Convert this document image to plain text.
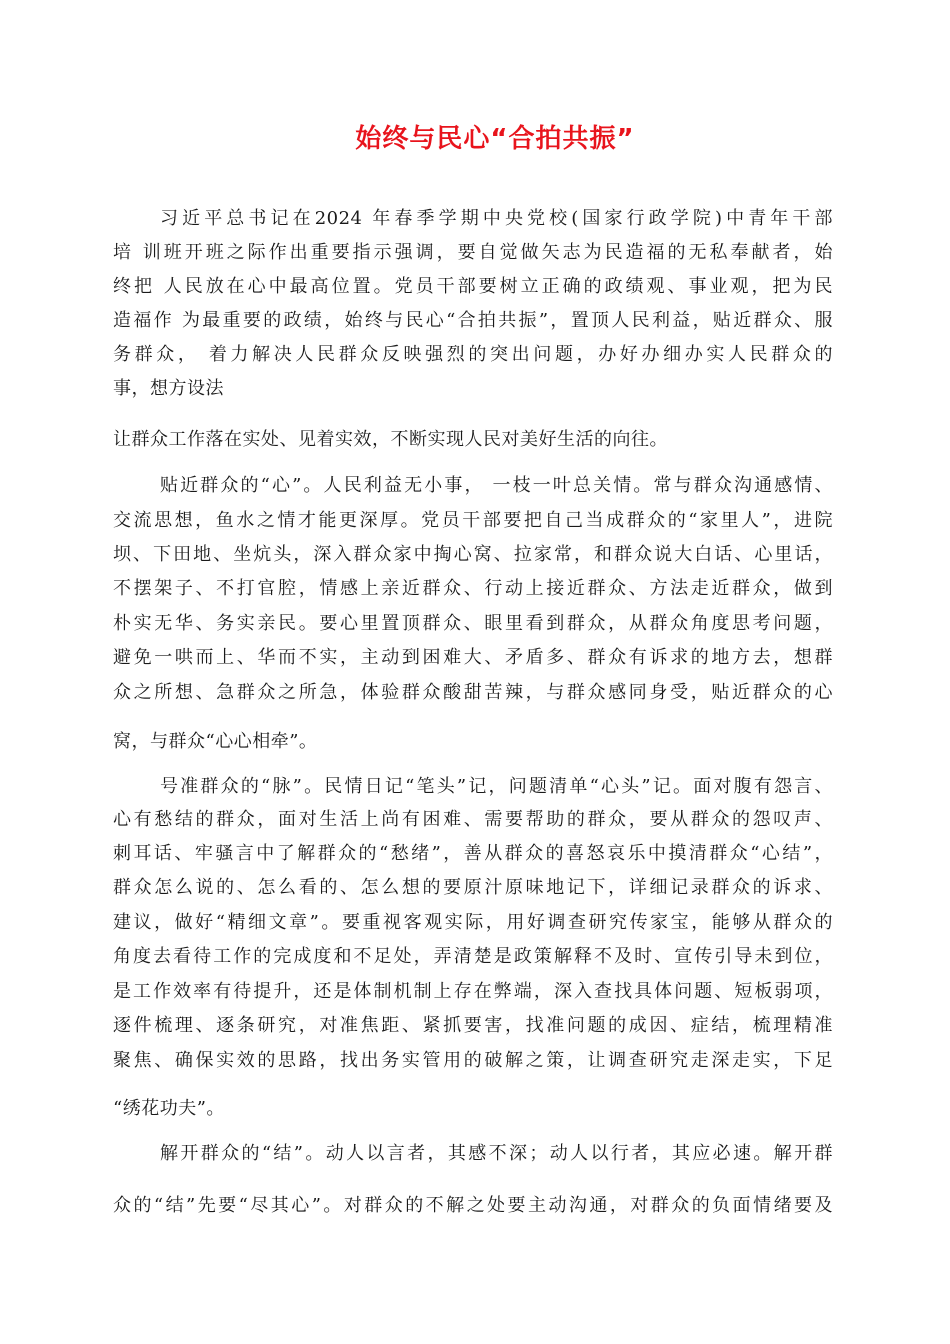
始终与民心“合拍共振”
习近平总书记在2024 年春季学期中央党校(国家行政学院)中青年干部
培 训班开班之际作出重要指示强调，要自觉做矢志为民造福的无私奉献者，始
终把 人民放在心中最高位置。党员干部要树立正确的政绩观、事业观，把为民
造福作 为最重要的政绩，始终与民心“合拍共振”，置顶人民利益，贴近群众、服
务群众， 着力解决人民群众反映强烈的突出问题，办好办细办实人民群众的
事，想方设法
让群众工作落在实处、见着实效，不断实现人民对美好生活的向往。
贴近群众的“心”。人民利益无小事， 一枝一叶总关情。常与群众沟通感情、
交流思想，鱼水之情才能更深厚。党员干部要把自己当成群众的“家里人”，进院
坝、下田地、坐炕头，深入群众家中掏心窝、拉家常，和群众说大白话、心里话，
不摆架子、不打官腔，情感上亲近群众、行动上接近群众、方法走近群众，做到
朴实无华、务实亲民。要心里置顶群众、眼里看到群众，从群众角度思考问题，
避免一哄而上、华而不实，主动到困难大、矛盾多、群众有诉求的地方去，想群
众之所想、急群众之所急，体验群众酸甜苦辣，与群众感同身受，贴近群众的心
窝，与群众“心心相牵”。
号准群众的“脉”。民情日记“笔头”记，问题清单“心头”记。面对腹有怨言、
心有愁结的群众，面对生活上尚有困难、需要帮助的群众，要从群众的怨叹声、
刺耳话、牢骚言中了解群众的“愁绪”，善从群众的喜怒哀乐中摸清群众“心结”，
群众怎么说的、怎么看的、怎么想的要原汁原味地记下，详细记录群众的诉求、
建议，做好“精细文章”。要重视客观实际，用好调查研究传家宝，能够从群众的
角度去看待工作的完成度和不足处，弄清楚是政策解释不及时、宣传引导未到位，
是工作效率有待提升，还是体制机制上存在弊端，深入查找具体问题、短板弱项，
逐件梳理、逐条研究，对准焦距、紧抓要害，找准问题的成因、症结，梳理精准
聚焦、确保实效的思路，找出务实管用的破解之策，让调查研究走深走实，下足
“绣花功夫”。
解开群众的“结”。动人以言者，其感不深；动人以行者，其应必速。解开群
众的“结”先要“尽其心”。对群众的不解之处要主动沟通，对群众的负面情绪要及
